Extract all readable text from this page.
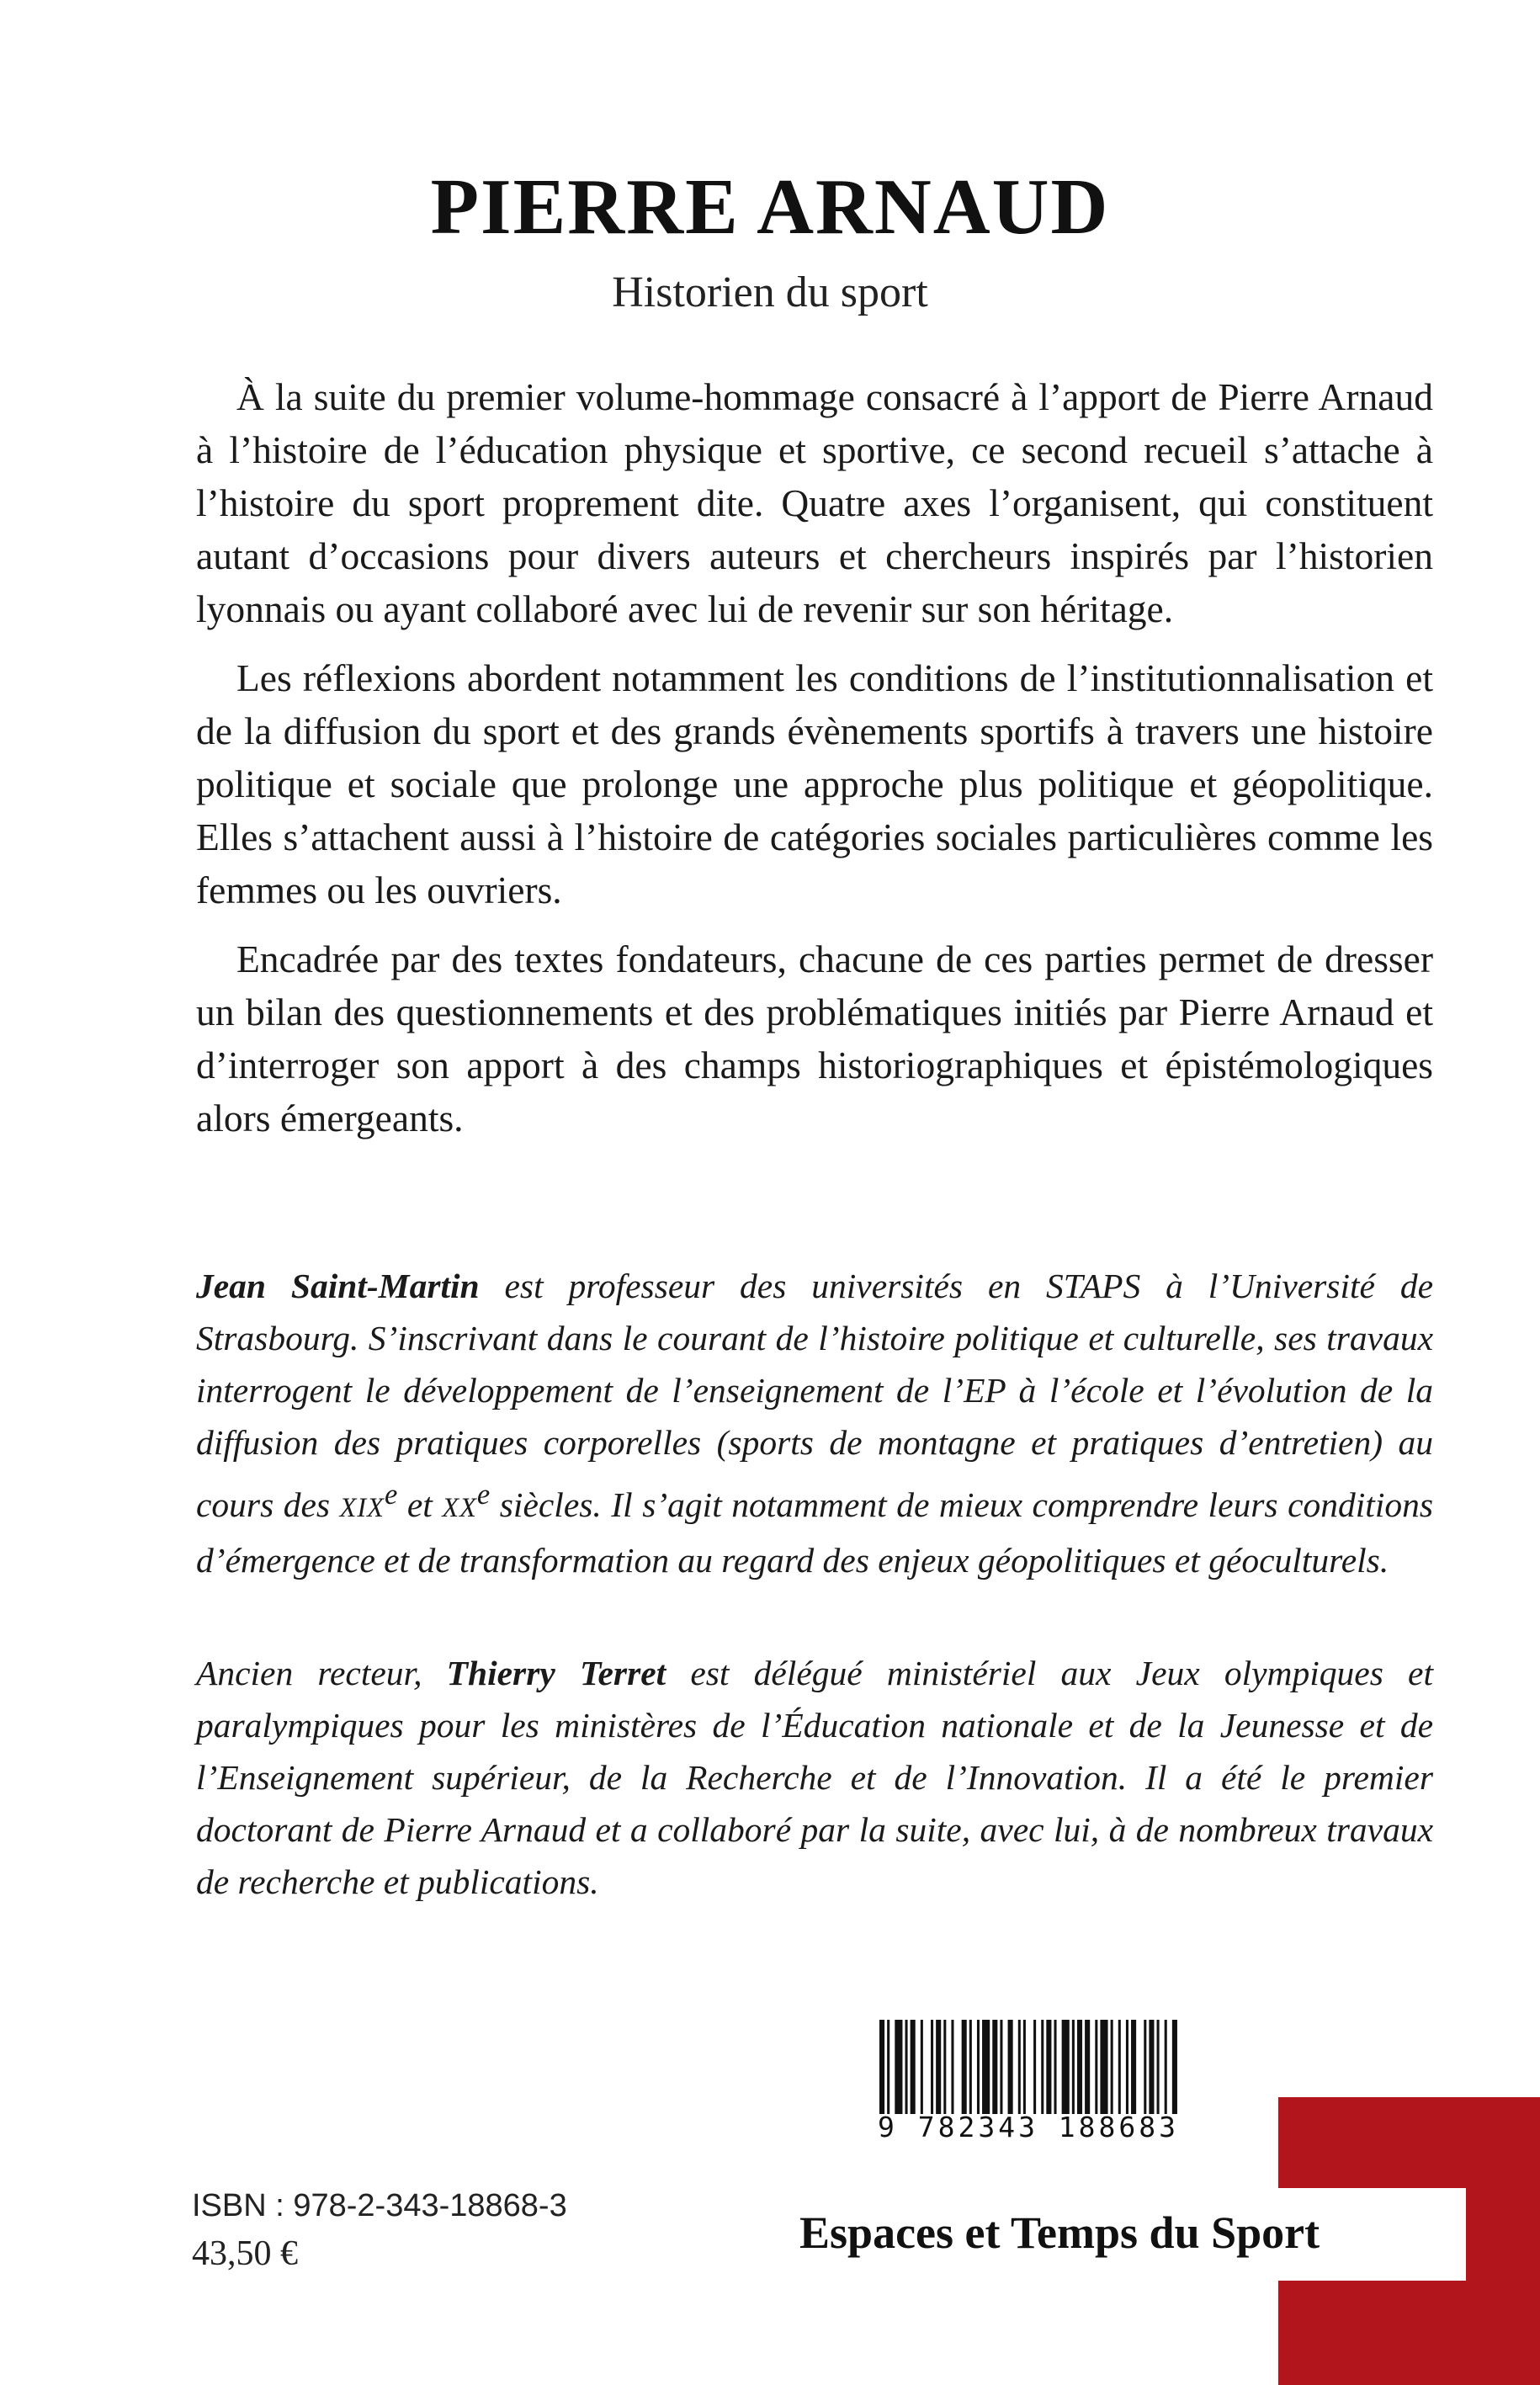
PIERRE ARNAUD
Historien du sport

À la suite du premier volume-hommage consacré à l’apport de Pierre Arnaud à l’histoire de l’éducation physique et sportive, ce second recueil s’attache à l’histoire du sport proprement dite. Quatre axes l’organisent, qui constituent autant d’occasions pour divers auteurs et chercheurs inspirés par l’historien lyonnais ou ayant collaboré avec lui de revenir sur son héritage.

Les réflexions abordent notamment les conditions de l’institutionnalisation et de la diffusion du sport et des grands évènements sportifs à travers une histoire politique et sociale que prolonge une approche plus politique et géopolitique. Elles s’attachent aussi à l’histoire de catégories sociales particulières comme les femmes ou les ouvriers.

Encadrée par des textes fondateurs, chacune de ces parties permet de dresser un bilan des questionnements et des problématiques initiés par Pierre Arnaud et d’interroger son apport à des champs historiographiques et épistémologiques alors émergeants.

Jean Saint-Martin est professeur des universités en STAPS à l’Université de Strasbourg. S’inscrivant dans le courant de l’histoire politique et culturelle, ses travaux interrogent le développement de l’enseignement de l’EP à l’école et l’évolution de la diffusion des pratiques corporelles (sports de montagne et pratiques d’entretien) au cours des XIXe et XXe siècles. Il s’agit notamment de mieux comprendre leurs conditions d’émergence et de transformation au regard des enjeux géopolitiques et géoculturels.
Ancien recteur, Thierry Terret est délégué ministériel aux Jeux olympiques et paralympiques pour les ministères de l’Éducation nationale et de la Jeunesse et de l’Enseignement supérieur, de la Recherche et de l’Innovation. Il a été le premier doctorant de Pierre Arnaud et a collaboré par la suite, avec lui, à de nombreux travaux de recherche et publications.
9 782343 188683
Espaces et Temps du Sport
ISBN : 978-2-343-18868-3
43,50 €
